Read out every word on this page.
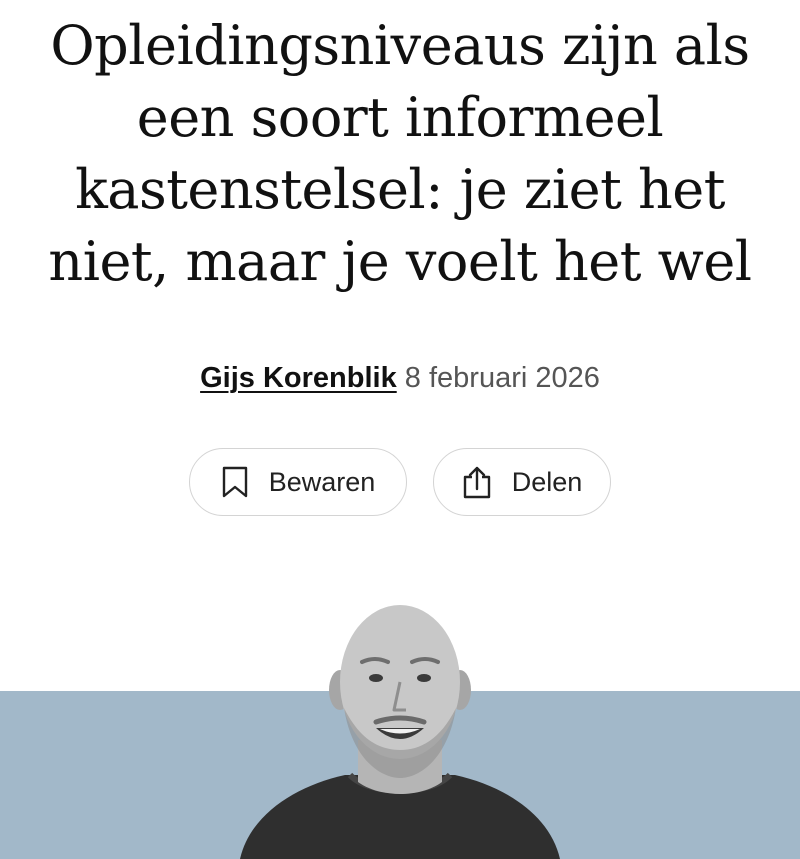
Opleidingsniveaus zijn als
een soort informeel
kastenstelsel: je ziet het
niet, maar je voelt het wel
Gijs Korenblik 8 februari 2026
Bewaren	Delen
